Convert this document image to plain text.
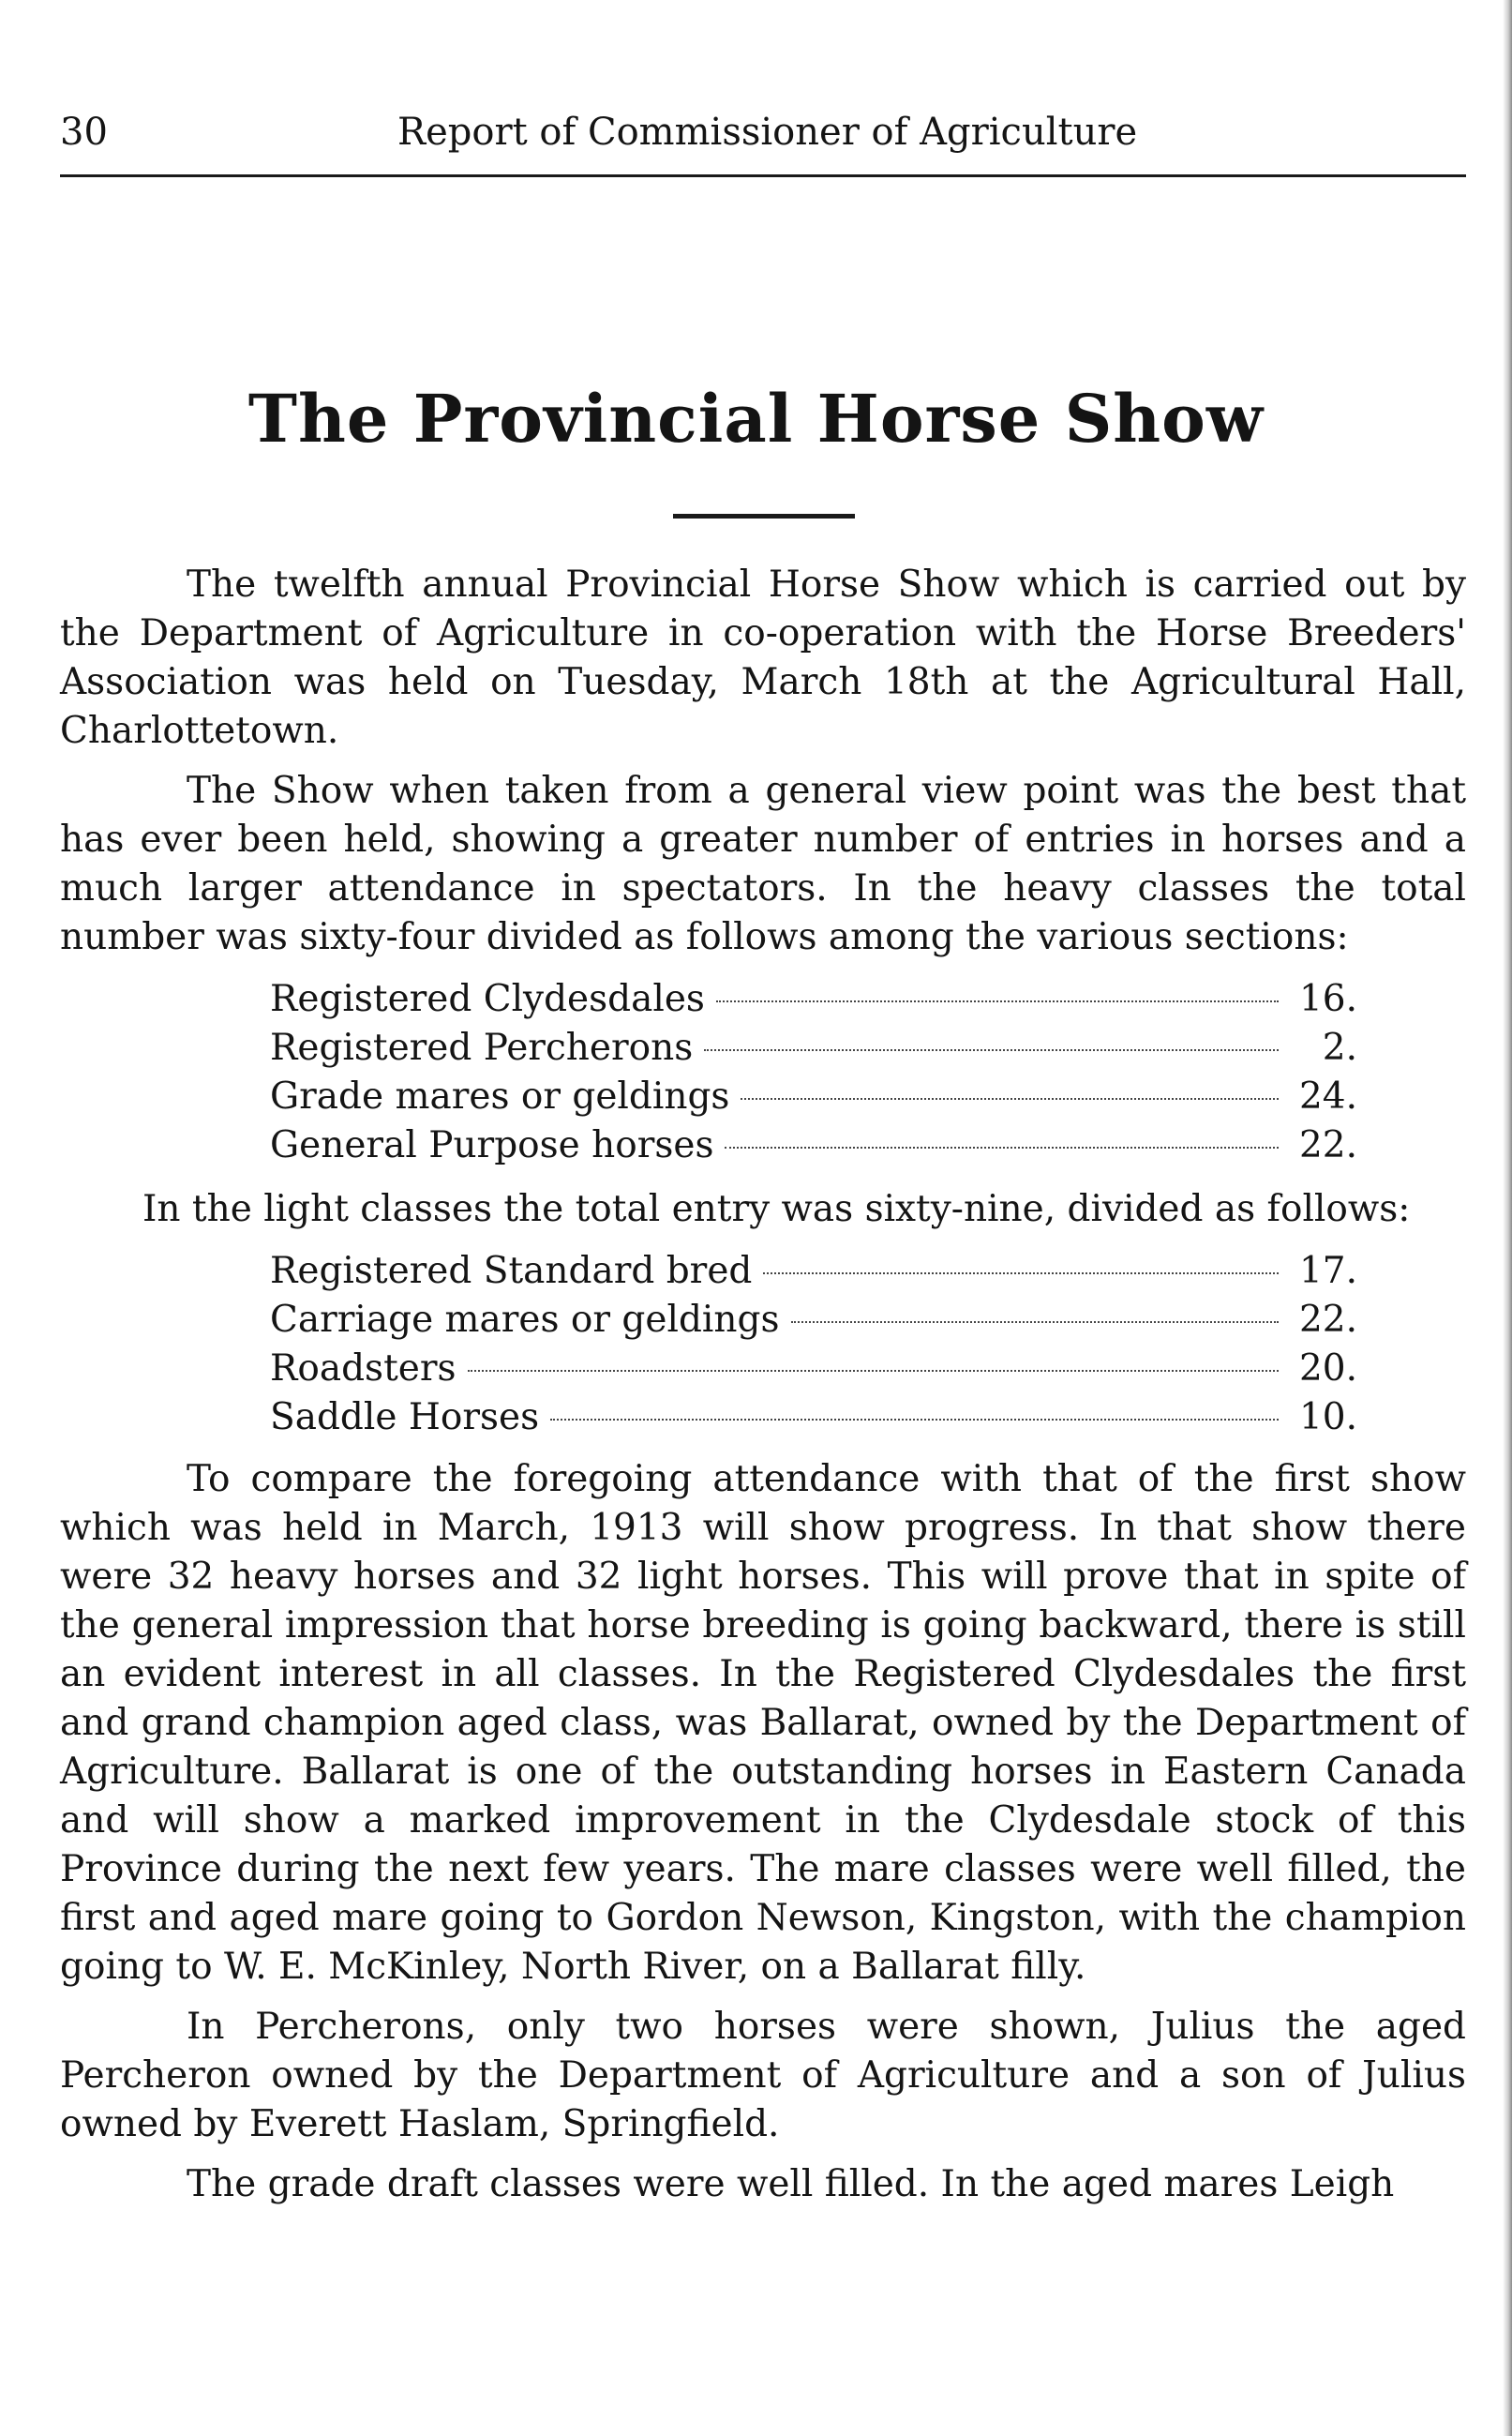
30	Report of Commissioner of Agriculture
The Provincial Horse Show

The twelfth annual Provincial Horse Show which is carried out by the Department of Agriculture in co-operation with the Horse Breeders' Association was held on Tuesday, March 18th at the Agricultural Hall, Charlottetown.

The Show when taken from a general view point was the best that has ever been held, showing a greater number of entries in horses and a much larger attendance in spectators. In the heavy classes the total number was sixty-four divided as follows among the various sections:

Registered Clydesdales	16.
Registered Percherons	2.
Grade mares or geldings	24.
General Purpose horses	22.

In the light classes the total entry was sixty-nine, divided as follows:

Registered Standard bred	17.
Carriage mares or geldings	22.
Roadsters	20.
Saddle Horses	10.

To compare the foregoing attendance with that of the first show which was held in March, 1913 will show progress. In that show there were 32 heavy horses and 32 light horses. This will prove that in spite of the general impression that horse breeding is going backward, there is still an evident interest in all classes. In the Registered Clydesdales the first and grand champion aged class, was Ballarat, owned by the Department of Agriculture. Ballarat is one of the outstanding horses in Eastern Canada and will show a marked improvement in the Clydesdale stock of this Province during the next few years. The mare classes were well filled, the first and aged mare going to Gordon Newson, Kingston, with the champion going to W. E. McKinley, North River, on a Ballarat filly.

In Percherons, only two horses were shown, Julius the aged Percheron owned by the Department of Agriculture and a son of Julius owned by Everett Haslam, Springfield.

The grade draft classes were well filled. In the aged mares Leigh
